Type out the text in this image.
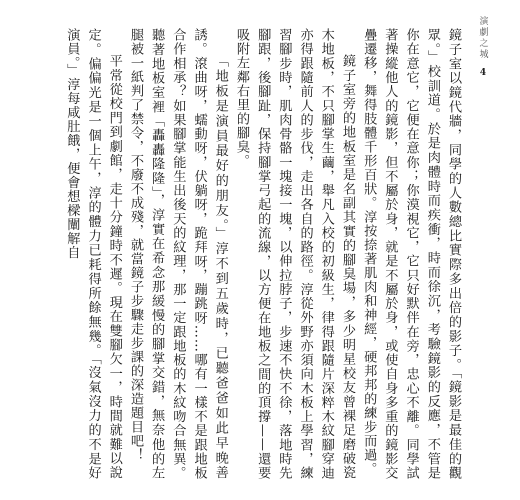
演劇之城
4

鏡子室以鏡代牆，同學的人數總比實際多出倍的影子。「鏡影是最佳的觀眾。」校訓道。於是肉體時而疾衝，時而徐沉，考驗鏡影的反應，不管是你在意它，它便在意你；你漠視它，它只好默伴在旁，忠心不離。同學試著操縱他人的鏡影，但不屬於身，就是不屬於身，或使自身多重的鏡影交疊遷移，舞得肢體千形百狀。淳按捺著肌肉和神經，硬邦邦的練步而過。

鏡子室旁的地板室是名副其實的腳臭場，多少明星校友曾裸足磨破瓷木地板，不只腳掌生繭，舉凡入校的初級生，律得跟隨片深粹木紋腳穿迪亦得跟隨前人的步伐，走出各自的路徑。淳從外野亦須向木板上學習，練習腳步時，肌肉骨骼一塊接一塊，以伸拉脖子，步速不快不徐，落地時先腳跟，後腳趾，保持腳掌弓起的流線，以方便在地板之間的頂撐——還要吸附左鄰右里的腳臭。

「地板是演員最好的朋友。」淳不到五歲時，已聽爸爸如此早晚善誘。滾曲呀，蠕動呀，伏躺呀，跪拜呀，蹦跳呀……哪有一樣不是跟地板合作相承？如果腳掌能生出後天的紋理，那一定跟地板的木紋吻合無異。聽著地板室裡「轟轟隆隆」，淳實在希念那緩慢的腳掌交錯，無奈他的左腿被一紙判了禁令，不廢不成殘，就當鏡子步驟走步課的深造題目吧！

平常從校門到劇館，走十分鐘時不遲。現在雙腳欠一，時間就難以說定。偏偏光是一個上午，淳的體力已耗得所餘無幾。「沒氣沒力的不是好演員。」淳每咸肚餓，便會想樑闡解自
